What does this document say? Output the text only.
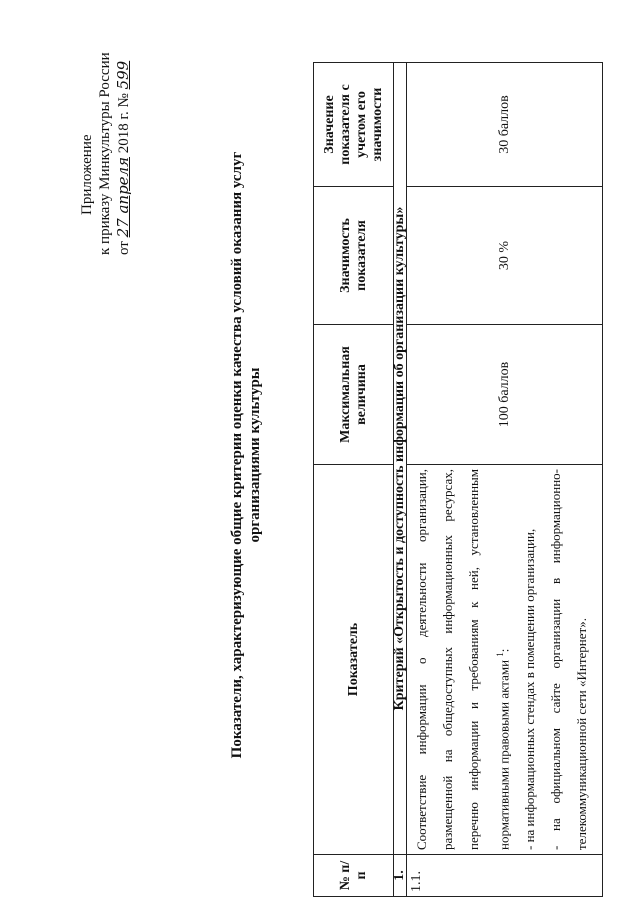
Приложение к приказу Минкультуры России от 27 апреля 2018 г. № 599
Показатели, характеризующие общие критерии оценки качества условий оказания услуг организациями культуры
№ п/п	Показатель	Максимальная величина	Значимость показателя	Значение показателя с учетом его значимости
1.	Критерий «Открытость и доступность информации об организации культуры»			
1.1.	Соответствие информации о деятельности организации, размещенной на общедоступных информационных ресурсах, перечню информации и требованиям к ней, установленным нормативными правовыми актами $^1$: - на информационных стендах в помещении организации, - на официальном сайте организации в информационно-телекоммуникационной сети «Интернет».	100 баллов	30 %	30 баллов
